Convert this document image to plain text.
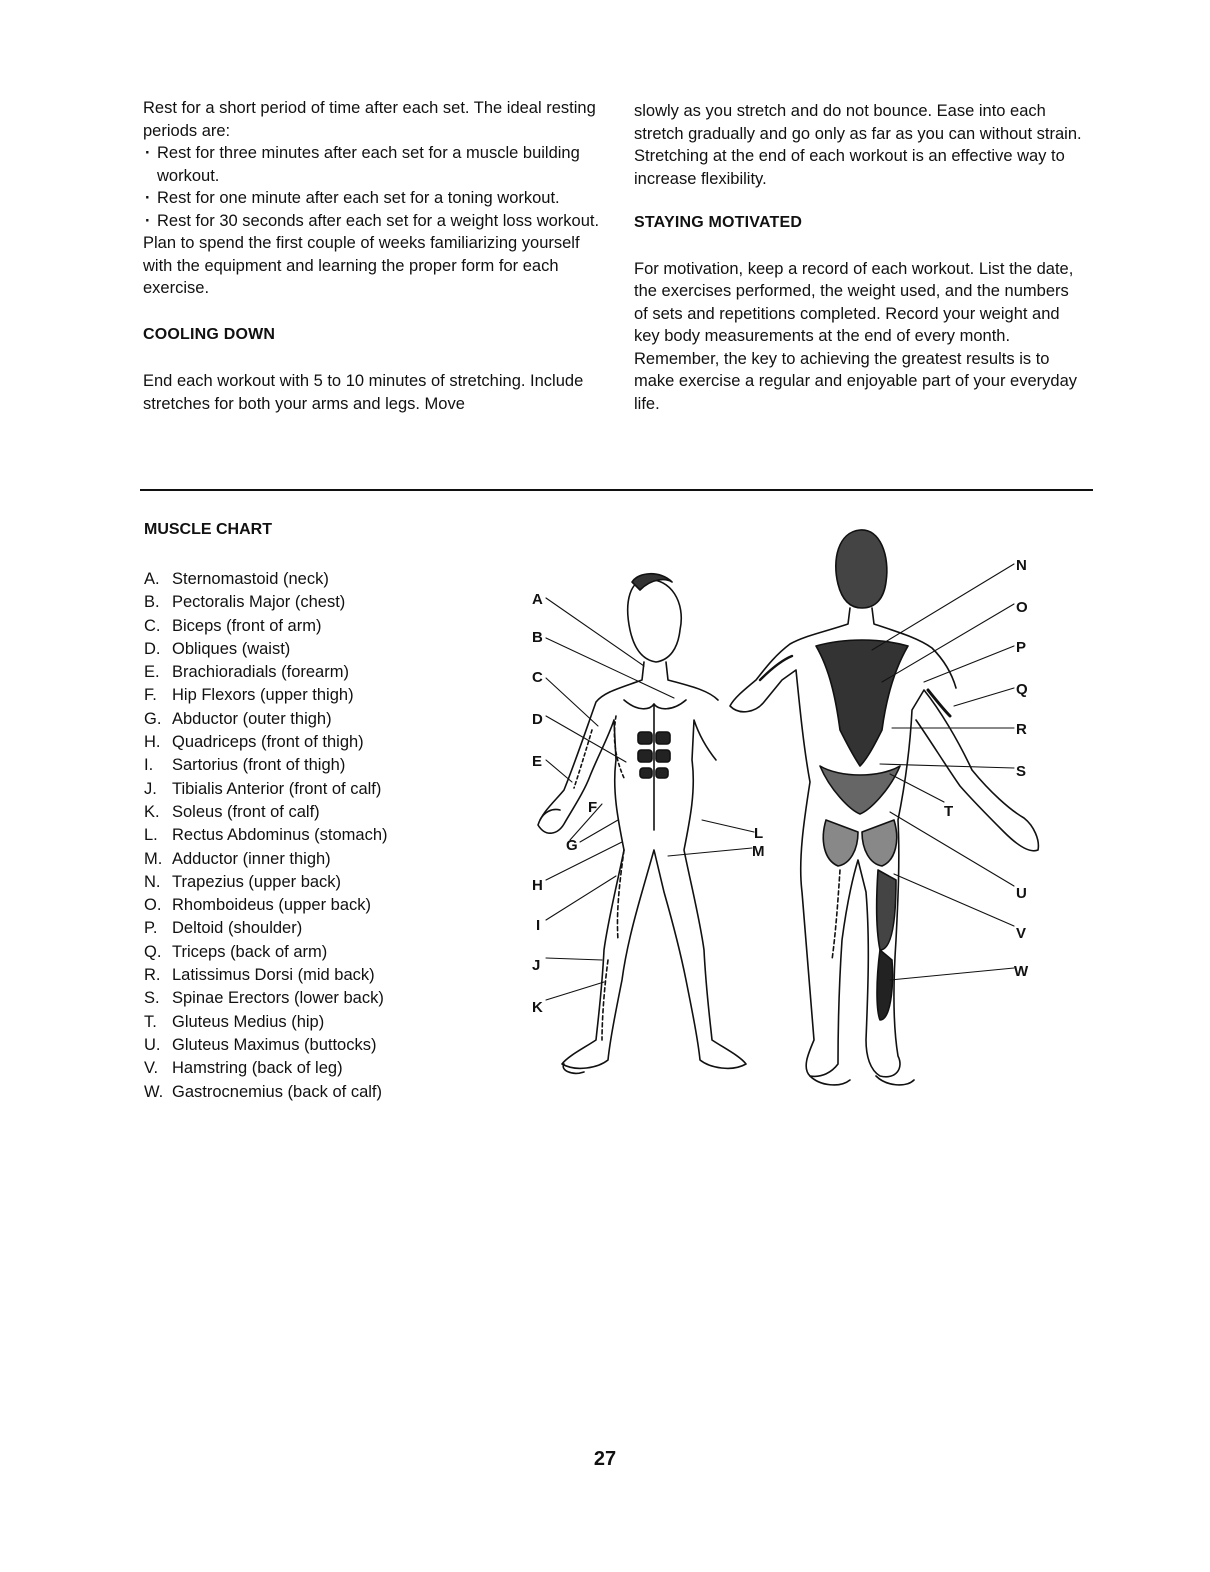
Rest for a short period of time after each set. The ideal resting periods are:

· Rest for three minutes after each set for a muscle building workout.
· Rest for one minute after each set for a toning workout.
· Rest for 30 seconds after each set for a weight loss workout.

Plan to spend the first couple of weeks familiarizing yourself with the equipment and learning the proper form for each exercise.

COOLING DOWN

End each workout with 5 to 10 minutes of stretching. Include stretches for both your arms and legs. Move

slowly as you stretch and do not bounce. Ease into each stretch gradually and go only as far as you can without strain. Stretching at the end of each workout is an effective way to increase flexibility.

STAYING MOTIVATED

For motivation, keep a record of each workout. List the date, the exercises performed, the weight used, and the numbers of sets and repetitions completed. Record your weight and key body measurements at the end of every month. Remember, the key to achieving the greatest results is to make exercise a regular and enjoyable part of your everyday life.

MUSCLE CHART
A. Sternomastoid (neck)
B. Pectoralis Major (chest)
C. Biceps (front of arm)
D. Obliques (waist)
E. Brachioradials (forearm)
F. Hip Flexors (upper thigh)
G. Abductor (outer thigh)
H. Quadriceps (front of thigh)
I.	Sartorius (front of thigh)
J. Tibialis Anterior (front of calf)
K. Soleus (front of calf)
L. Rectus Abdominus (stomach)
M. Adductor (inner thigh)
N. Trapezius (upper back)
O. Rhomboideus (upper back)
P. Deltoid (shoulder)
Q. Triceps (back of arm)
R. Latissimus Dorsi (mid back)
S. Spinae Erectors (lower back)
T. Gluteus Medius (hip)
U. Gluteus Maximus (buttocks)
V. Hamstring (back of leg)
W. Gastrocnemius (back of calf)
A
B
C
D
E
F
G
H
I
J
K
L
M
N
O
P
Q
R
S
T
U
V
W
27
